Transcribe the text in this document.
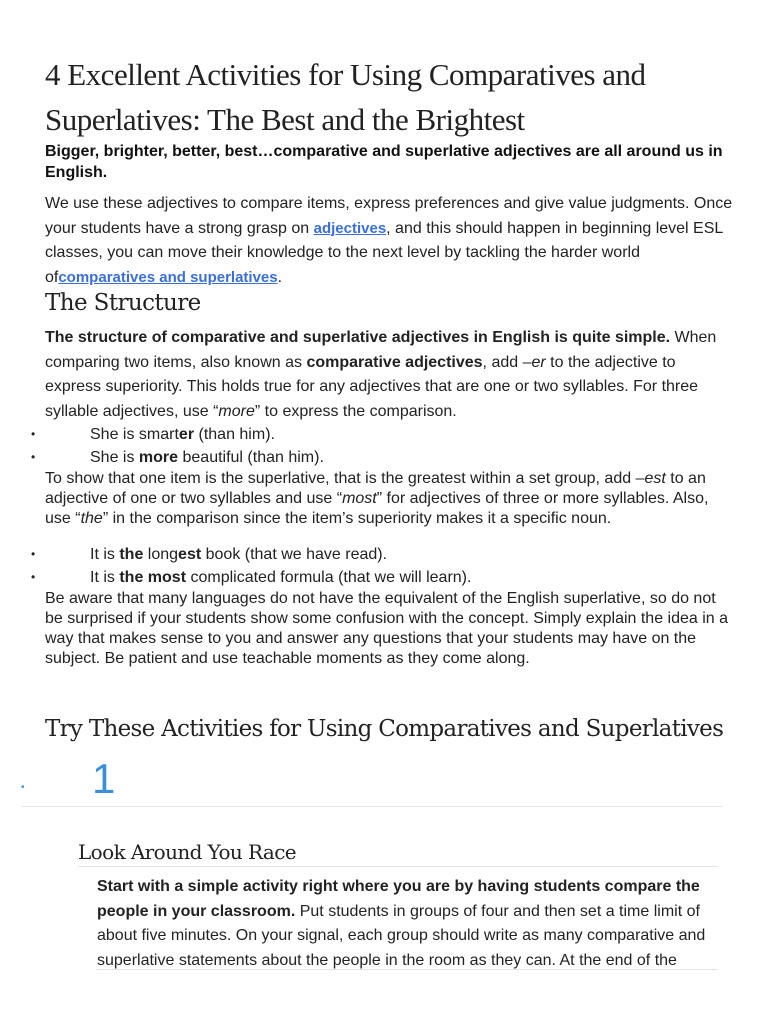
4 Excellent Activities for Using Comparatives and Superlatives: The Best and the Brightest

Bigger, brighter, better, best…comparative and superlative adjectives are all around us in English.

We use these adjectives to compare items, express preferences and give value judgments. Once your students have a strong grasp on adjectives, and this should happen in beginning level ESL classes, you can move their knowledge to the next level by tackling the harder world ofcomparatives and superlatives.

The Structure

The structure of comparative and superlative adjectives in English is quite simple. When comparing two items, also known as comparative adjectives, add –er to the adjective to express superiority. This holds true for any adjectives that are one or two syllables. For three syllable adjectives, use “more” to express the comparison.

•	She is smarter (than him).
•	She is more beautiful (than him).

To show that one item is the superlative, that is the greatest within a set group, add –est to an adjective of one or two syllables and use “most” for adjectives of three or more syllables. Also, use “the” in the comparison since the item’s superiority makes it a specific noun.

•	It is the longest book (that we have read).
•	It is the most complicated formula (that we will learn).

Be aware that many languages do not have the equivalent of the English superlative, so do not be surprised if your students show some confusion with the concept. Simply explain the idea in a way that makes sense to you and answer any questions that your students may have on the subject. Be patient and use teachable moments as they come along.

Try These Activities for Using Comparatives and Superlatives
• 1
Look Around You Race

Start with a simple activity right where you are by having students compare the people in your classroom. Put students in groups of four and then set a time limit of about five minutes. On your signal, each group should write as many comparative and superlative statements about the people in the room as they can. At the end of the
